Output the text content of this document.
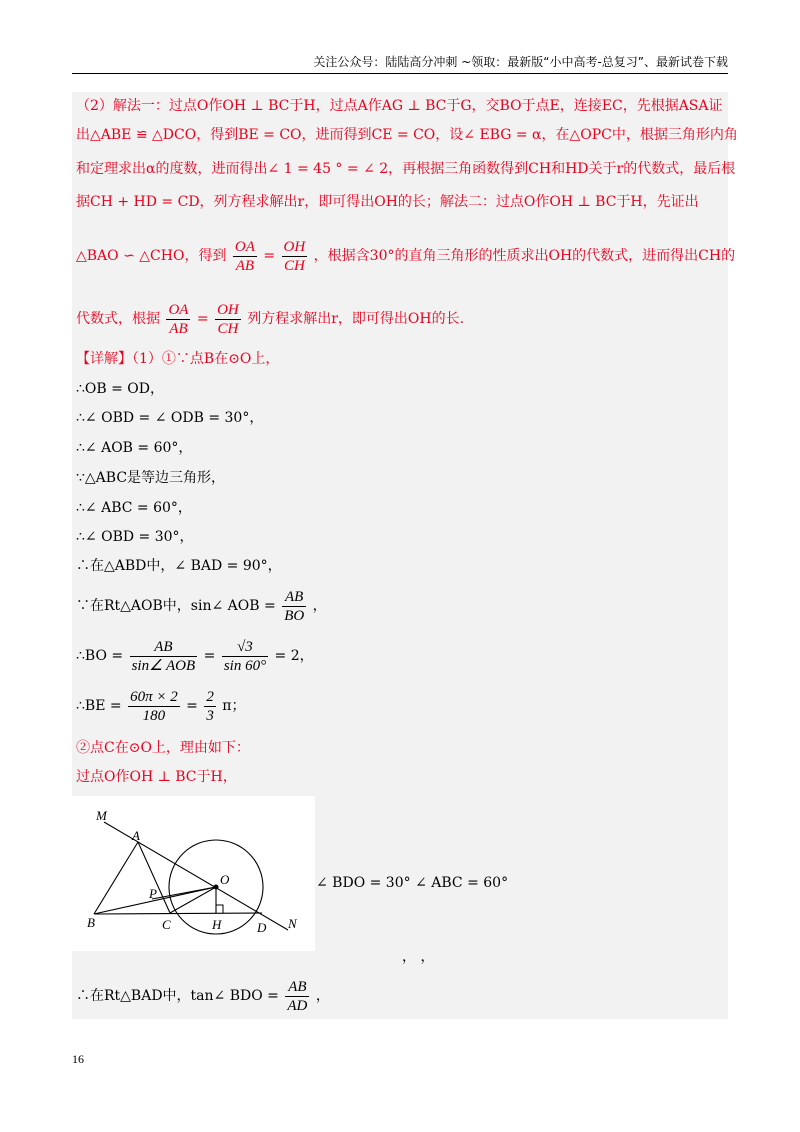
关注公众号：陆陆高分冲刺 ~领取：最新版“小中高考-总复习”、最新试卷下载
（2）解法一：过点O作OH ⊥ BC于H，过点A作AG ⊥ BC于G，交BO于点E，连接EC，先根据ASA证
出△ABE ≌ △DCO，得到BE = CO，进而得到CE = CO，设∠ EBG = α，在△OPC中，根据三角形内角
和定理求出α的度数，进而得出∠ 1 = 45 ° = ∠ 2，再根据三角函数得到CH和HD关于r的代数式，最后根
据CH + HD = CD，列方程求解出r，即可得出OH的长；解法二：过点O作OH ⊥ BC于H，先证出
△BAO ∽ △CHO，得到 $\frac{OA}{AB} = \frac{OH}{CH}$ ，根据含30°的直角三角形的性质求出OH的代数式，进而得出CH的
代数式，根据 $\frac{OA}{AB} = \frac{OH}{CH}$ 列方程求解出r，即可得出OH的长.
【详解】（1）①∵点B在⊙O上，
∴OB = OD，
∴∠ OBD = ∠ ODB = 30°，
∴∠ AOB = 60°，
∵△ABC是等边三角形，
∴∠ ABC = 60°，
∴∠ OBD = 30°，
∴在△ABD中，∠ BAD = 90°，
∵在Rt△AOB中，sin∠ AOB = $\frac{AB}{BO}$ ，
∴BO = $\frac{AB}{\text{sin∠ AOB}} = \frac{√3}{\sin 60^\circ} = 2$，
∴BE = $\frac{60\pi \times 2}{180} = \frac{2}{3}$ π；
②点C在⊙O上，理由如下：
过点O作OH ⊥ BC于H，
M
A
O
P
B	C	H	D N
∠ BDO = 30° ∠ ABC = 60°
， ，
∴在Rt△BAD中，tan∠ BDO = $\frac{AB}{AD}$ ，
16
